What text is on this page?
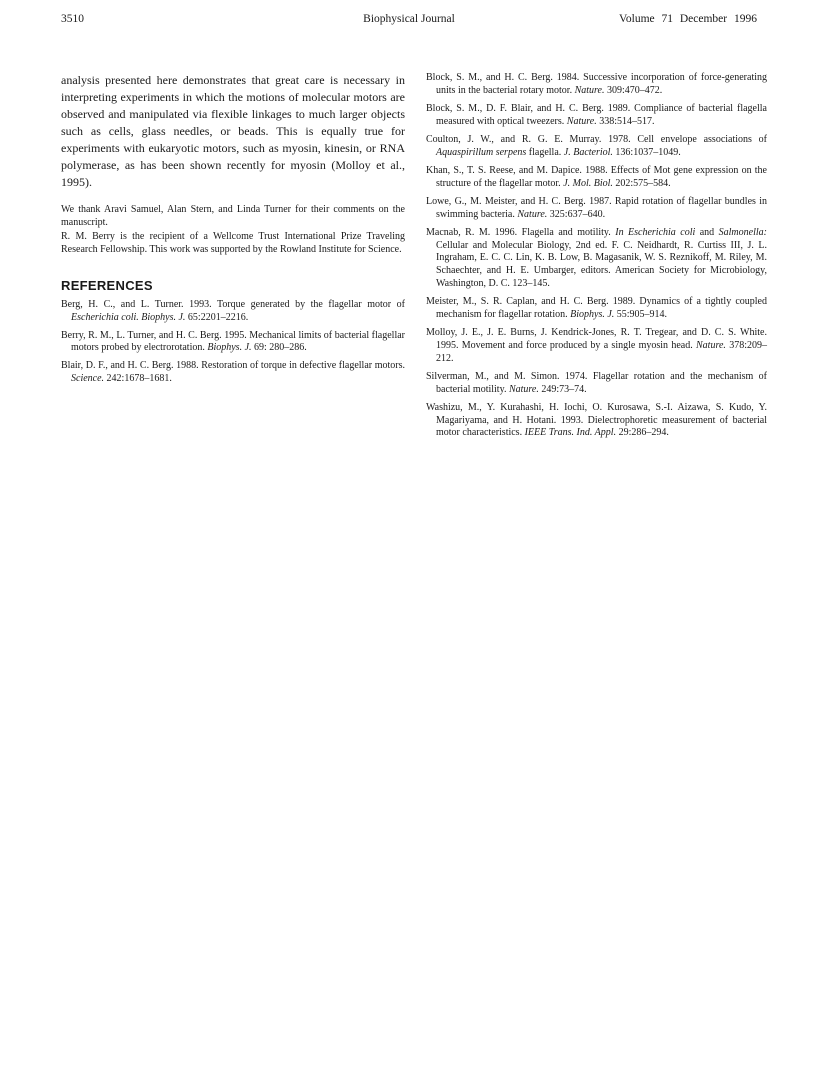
3510	Biophysical Journal	Volume 71 December 1996

analysis presented here demonstrates that great care is necessary in interpreting experiments in which the motions of molecular motors are observed and manipulated via flexible linkages to much larger objects such as cells, glass needles, or beads. This is equally true for experiments with eukaryotic motors, such as myosin, kinesin, or RNA polymerase, as has been shown recently for myosin (Molloy et al., 1995).

We thank Aravi Samuel, Alan Stern, and Linda Turner for their comments on the manuscript.

R. M. Berry is the recipient of a Wellcome Trust International Prize Traveling Research Fellowship. This work was supported by the Rowland Institute for Science.

REFERENCES

Berg, H. C., and L. Turner. 1993. Torque generated by the flagellar motor of Escherichia coli. Biophys. J. 65:2201–2216.

Berry, R. M., L. Turner, and H. C. Berg. 1995. Mechanical limits of bacterial flagellar motors probed by electrorotation. Biophys. J. 69: 280–286.

Blair, D. F., and H. C. Berg. 1988. Restoration of torque in defective flagellar motors. Science. 242:1678–1681.

Block, S. M., and H. C. Berg. 1984. Successive incorporation of force-generating units in the bacterial rotary motor. Nature. 309:470–472.

Block, S. M., D. F. Blair, and H. C. Berg. 1989. Compliance of bacterial flagella measured with optical tweezers. Nature. 338:514–517.

Coulton, J. W., and R. G. E. Murray. 1978. Cell envelope associations of Aquaspirillum serpens flagella. J. Bacteriol. 136:1037–1049.

Khan, S., T. S. Reese, and M. Dapice. 1988. Effects of Mot gene expression on the structure of the flagellar motor. J. Mol. Biol. 202:575–584.

Lowe, G., M. Meister, and H. C. Berg. 1987. Rapid rotation of flagellar bundles in swimming bacteria. Nature. 325:637–640.

Macnab, R. M. 1996. Flagella and motility. In Escherichia coli and Salmonella: Cellular and Molecular Biology, 2nd ed. F. C. Neidhardt, R. Curtiss III, J. L. Ingraham, E. C. C. Lin, K. B. Low, B. Magasanik, W. S. Reznikoff, M. Riley, M. Schaechter, and H. E. Umbarger, editors. American Society for Microbiology, Washington, D. C. 123–145.

Meister, M., S. R. Caplan, and H. C. Berg. 1989. Dynamics of a tightly coupled mechanism for flagellar rotation. Biophys. J. 55:905–914.

Molloy, J. E., J. E. Burns, J. Kendrick-Jones, R. T. Tregear, and D. C. S. White. 1995. Movement and force produced by a single myosin head. Nature. 378:209–212.

Silverman, M., and M. Simon. 1974. Flagellar rotation and the mechanism of bacterial motility. Nature. 249:73–74.

Washizu, M., Y. Kurahashi, H. Iochi, O. Kurosawa, S.-I. Aizawa, S. Kudo, Y. Magariyama, and H. Hotani. 1993. Dielectrophoretic measurement of bacterial motor characteristics. IEEE Trans. Ind. Appl. 29:286–294.
